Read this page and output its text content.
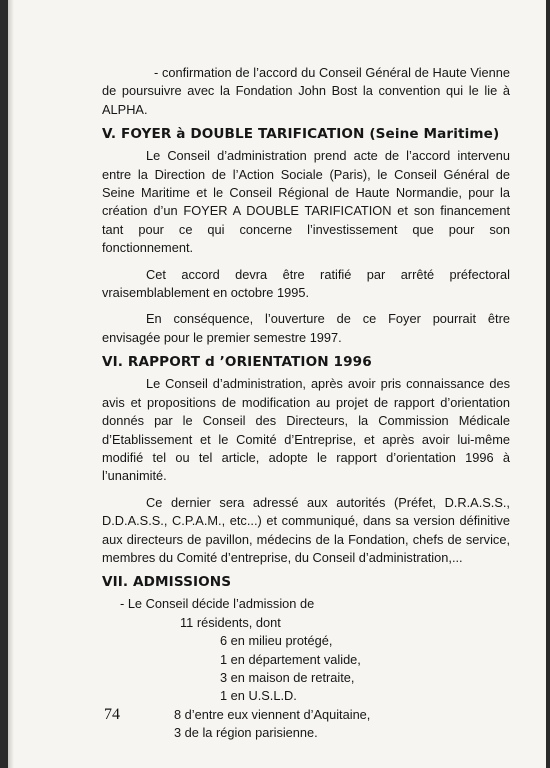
- confirmation de l’accord du Conseil Général de Haute Vienne de poursuivre avec la Fondation John Bost la convention qui le lie à ALPHA.

V. FOYER à DOUBLE TARIFICATION (Seine Maritime)

Le Conseil d’administration prend acte de l’accord intervenu entre la Direction de l’Action Sociale (Paris), le Conseil Général de Seine Maritime et le Conseil Régional de Haute Normandie, pour la création d’un FOYER A DOUBLE TARIFICATION et son financement tant pour ce qui concerne l’investissement que pour son fonctionnement.

Cet accord devra être ratifié par arrêté préfectoral vraisemblablement en octobre 1995.

En conséquence, l’ouverture de ce Foyer pourrait être envisagée pour le premier semestre 1997.

VI. RAPPORT d ’ORIENTATION 1996

Le Conseil d’administration, après avoir pris connaissance des avis et propositions de modification au projet de rapport d’orientation donnés par le Conseil des Directeurs, la Commission Médicale d’Etablissement et le Comité d’Entreprise, et après avoir lui-même modifié tel ou tel article, adopte le rapport d’orientation 1996 à l’unanimité.

Ce dernier sera adressé aux autorités (Préfet, D.R.A.S.S., D.D.A.S.S., C.P.A.M., etc...) et communiqué, dans sa version définitive aux directeurs de pavillon, médecins de la Fondation, chefs de service, membres du Comité d’entreprise, du Conseil d’administration,...

VII. ADMISSIONS
- Le Conseil décide l’admission de
11 résidents, dont
6 en milieu protégé,
1 en département valide,
3 en maison de retraite,
1 en U.S.L.D.
8 d’entre eux viennent d’Aquitaine,
3 de la région parisienne.
74
